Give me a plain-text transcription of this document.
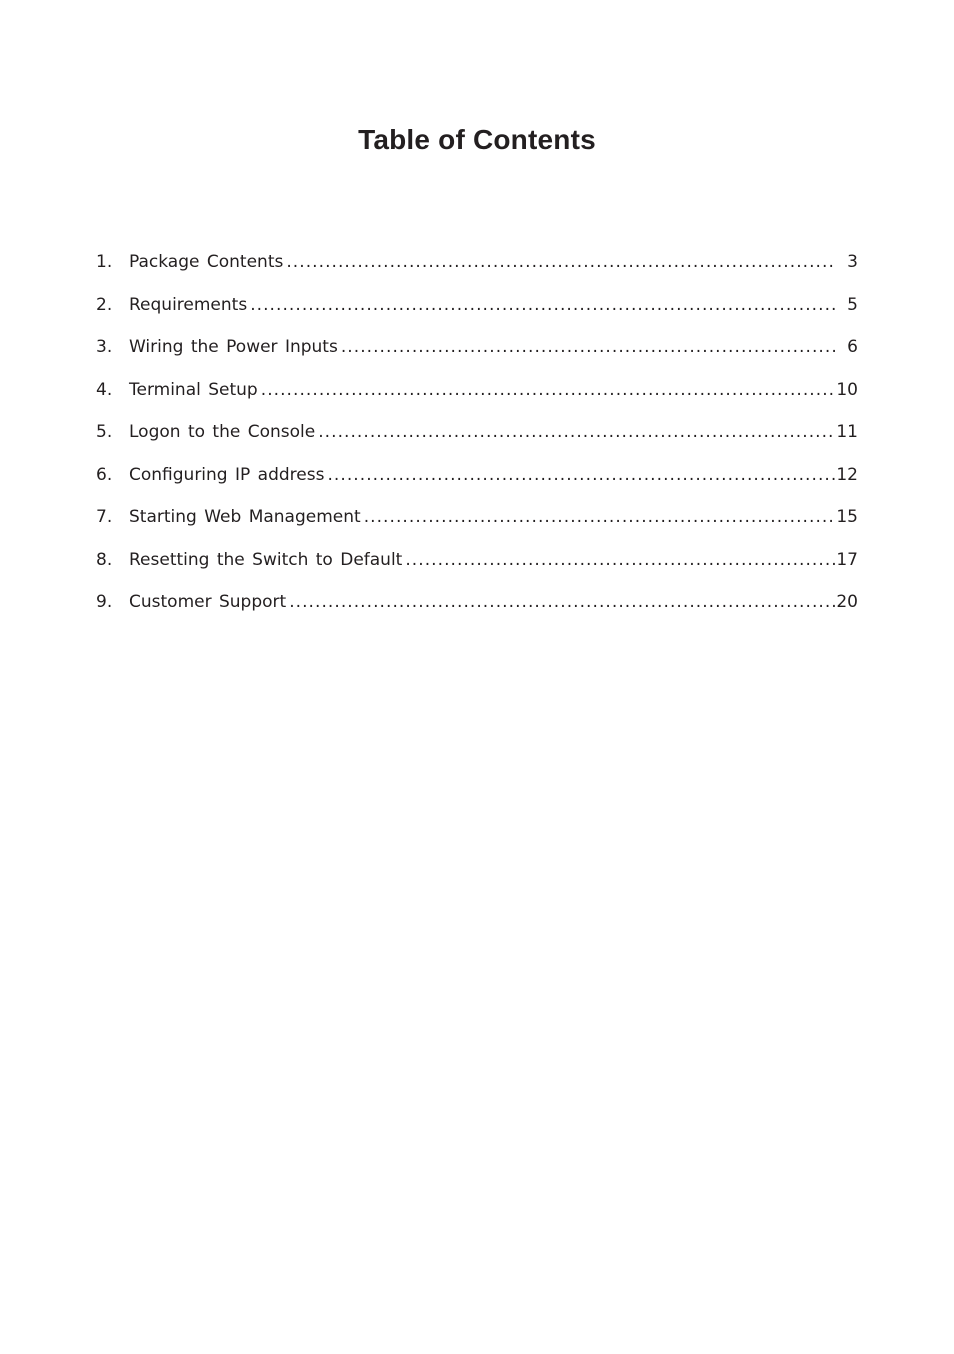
Table of Contents
1. Package Contents .....	3
2. Requirements .....	5
3. Wiring the Power Inputs .....	6
4. Terminal Setup .....	10
5. Logon to the Console .....	11
6. Configuring IP address .....	12
7. Starting Web Management .....	15
8. Resetting the Switch to Default .....	17
9. Customer Support .....	20
